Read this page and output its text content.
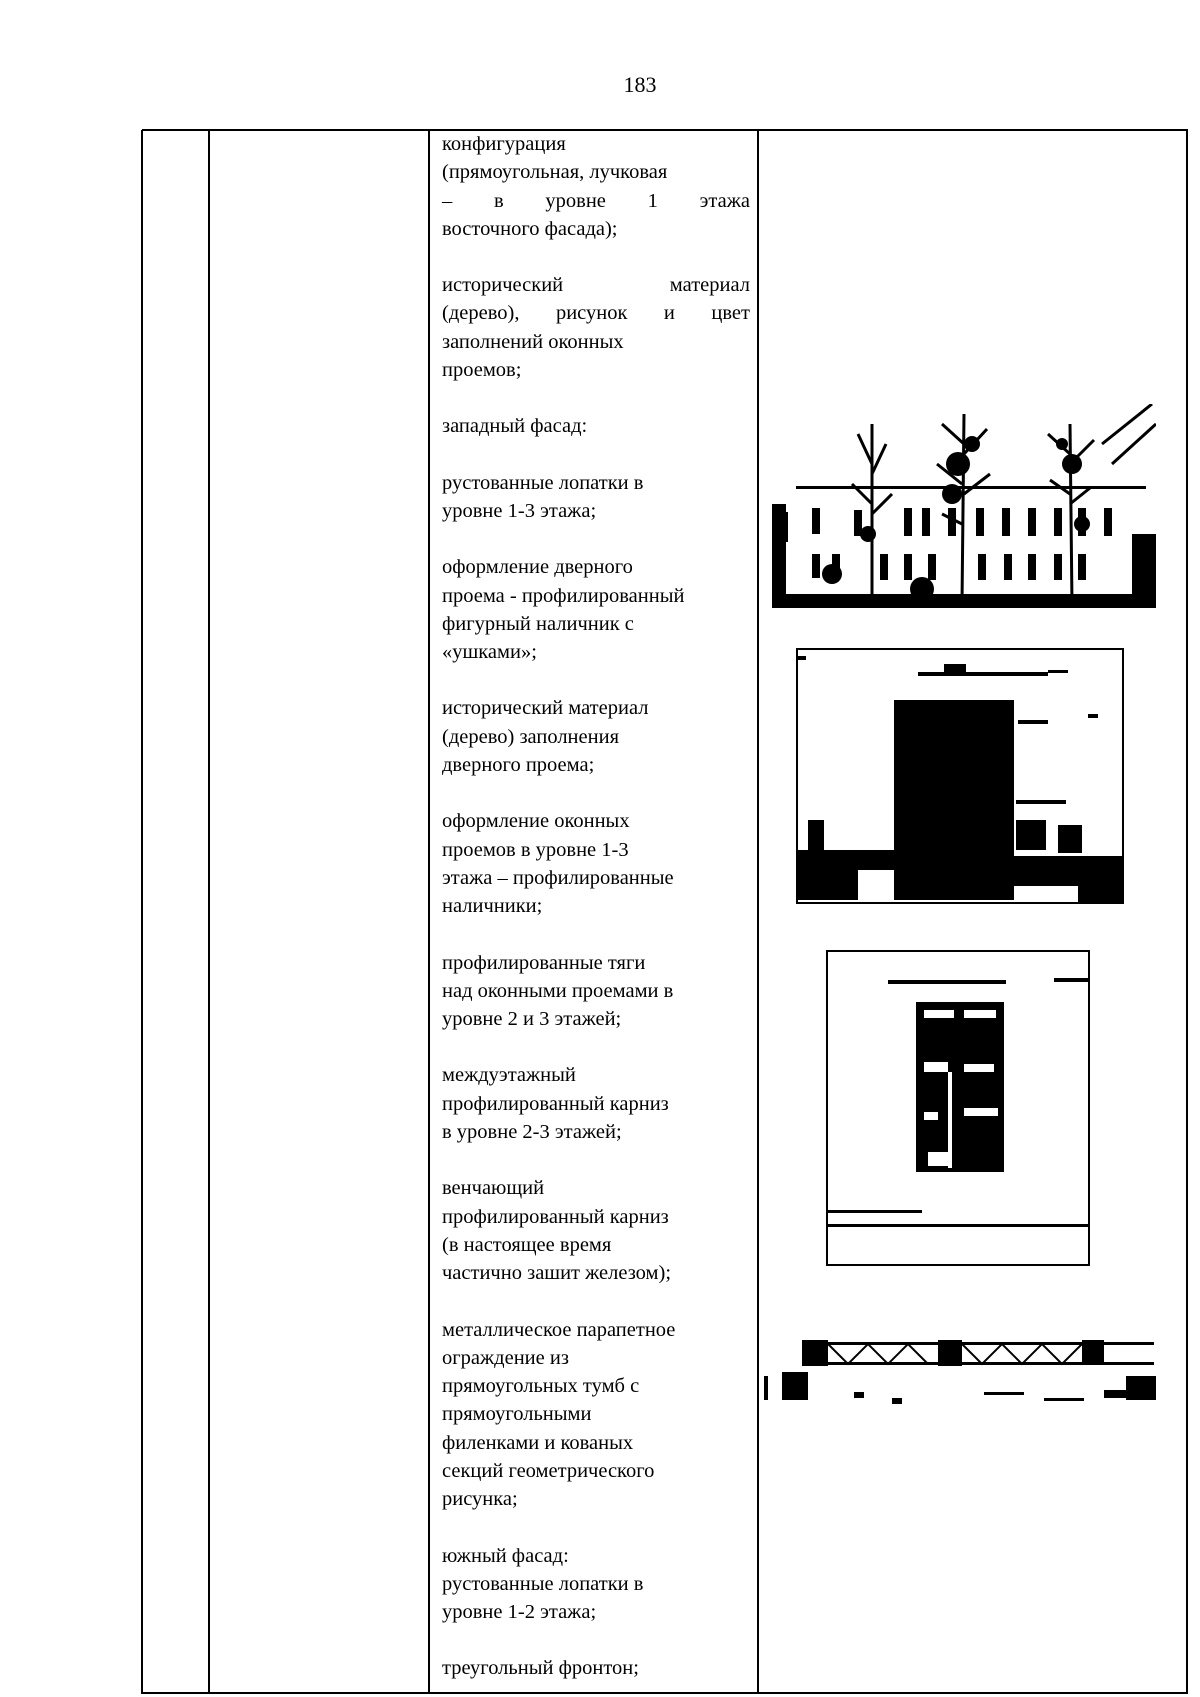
183
конфигурация
(прямоугольная, лучковая
– в уровне 1 этажа
восточного фасада);
исторический	материал
(дерево), рисунок и цвет
заполнений оконных
проемов;
западный фасад:
рустованные лопатки в
уровне 1-3 этажа;
оформление дверного
проема - профилированный
фигурный наличник с
«ушками»;
исторический материал
(дерево) заполнения
дверного проема;
оформление оконных
проемов в уровне 1-3
этажа – профилированные
наличники;
профилированные тяги
над оконными проемами в
уровне 2 и 3 этажей;
междуэтажный
профилированный карниз
в уровне 2-3 этажей;
венчающий
профилированный карниз
(в настоящее время
частично зашит железом);
металлическое парапетное
ограждение из
прямоугольных тумб с
прямоугольными
филенками и кованых
секций геометрического
рисунка;
южный фасад:
рустованные лопатки в
уровне 1-2 этажа;
треугольный фронтон;
